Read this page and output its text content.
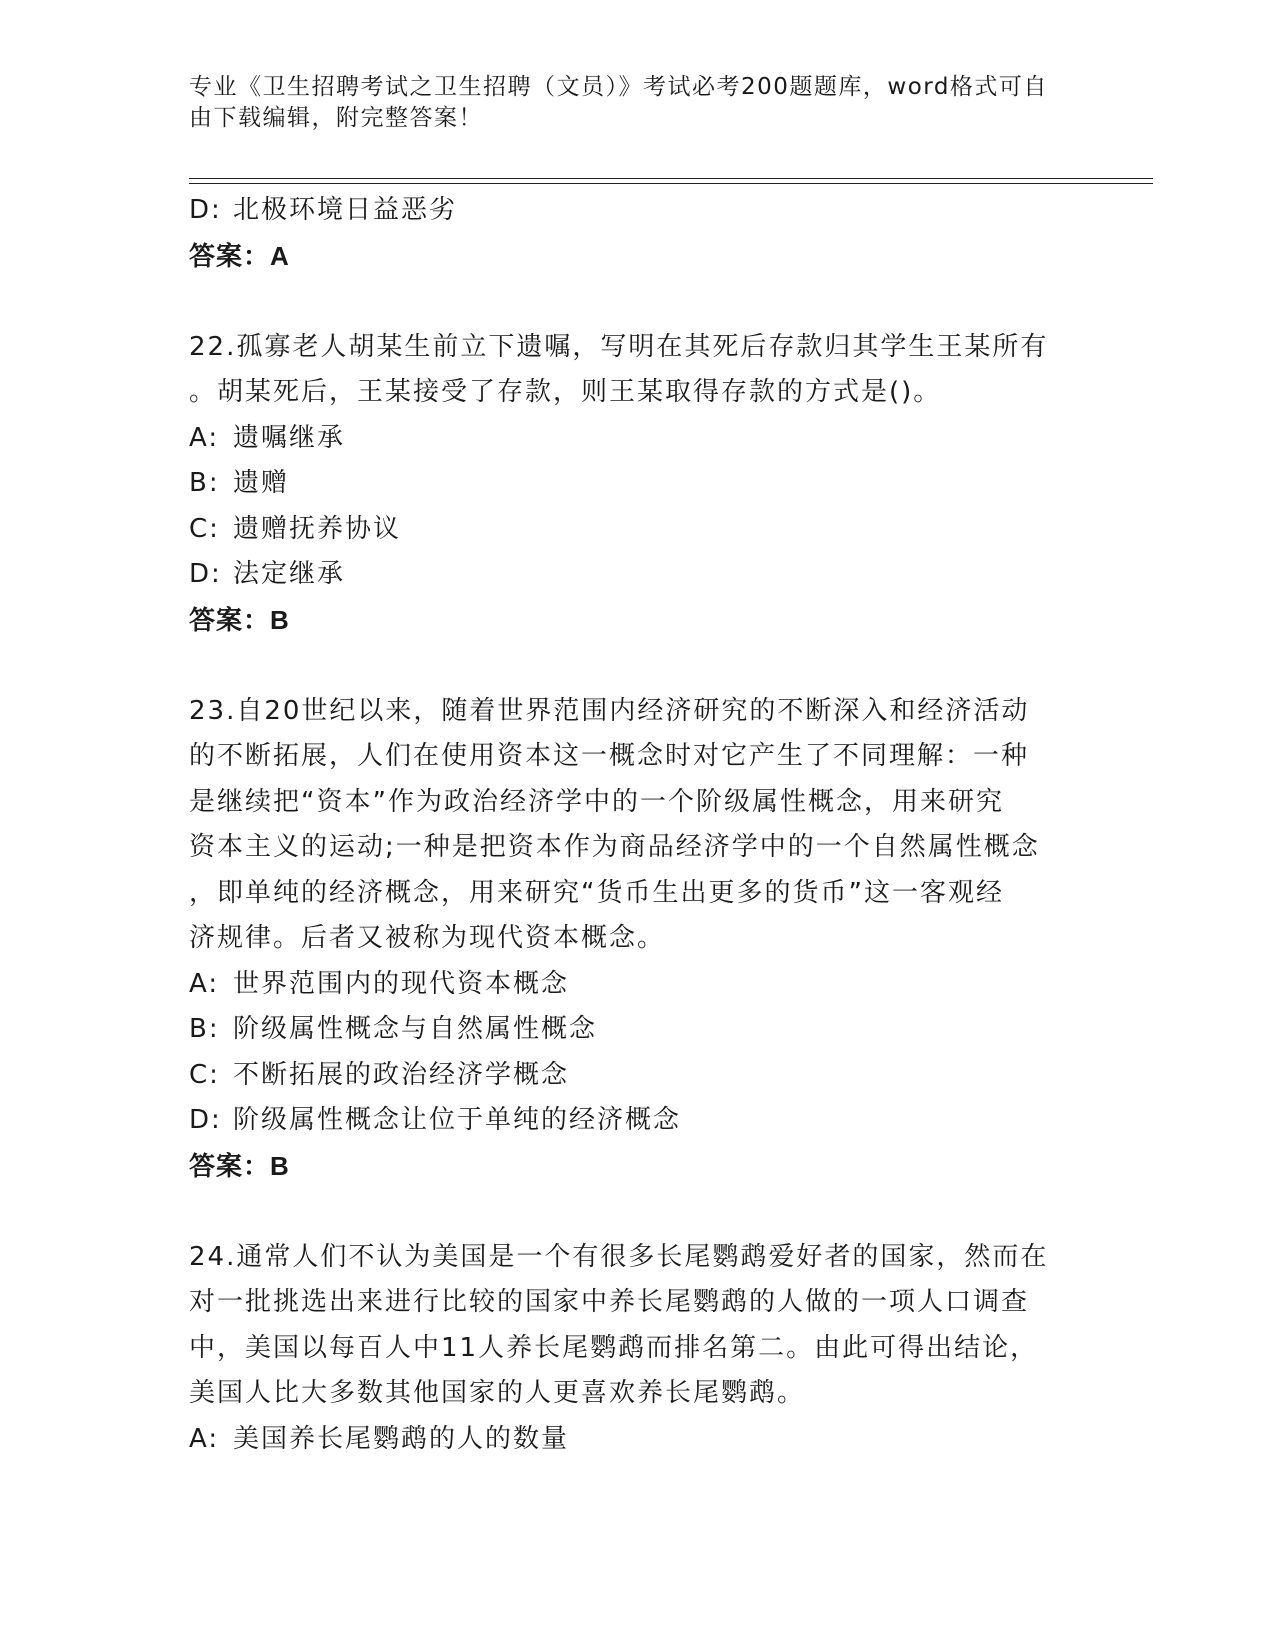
专业《卫生招聘考试之卫生招聘（文员）》考试必考200题题库，word格式可自
由下载编辑，附完整答案！
D: 北极环境日益恶劣
答案：A
22.孤寡老人胡某生前立下遗嘱，写明在其死后存款归其学生王某所有
。胡某死后，王某接受了存款，则王某取得存款的方式是()。
A: 遗嘱继承
B: 遗赠
C: 遗赠抚养协议
D: 法定继承
答案：B
23.自20世纪以来，随着世界范围内经济研究的不断深入和经济活动
的不断拓展，人们在使用资本这一概念时对它产生了不同理解：一种
是继续把“资本”作为政治经济学中的一个阶级属性概念，用来研究
资本主义的运动;一种是把资本作为商品经济学中的一个自然属性概念
，即单纯的经济概念，用来研究“货币生出更多的货币”这一客观经
济规律。后者又被称为现代资本概念。
A: 世界范围内的现代资本概念
B: 阶级属性概念与自然属性概念
C: 不断拓展的政治经济学概念
D: 阶级属性概念让位于单纯的经济概念
答案：B
24.通常人们不认为美国是一个有很多长尾鹦鹉爱好者的国家，然而在
对一批挑选出来进行比较的国家中养长尾鹦鹉的人做的一项人口调查
中，美国以每百人中11人养长尾鹦鹉而排名第二。由此可得出结论，
美国人比大多数其他国家的人更喜欢养长尾鹦鹉。
A: 美国养长尾鹦鹉的人的数量
